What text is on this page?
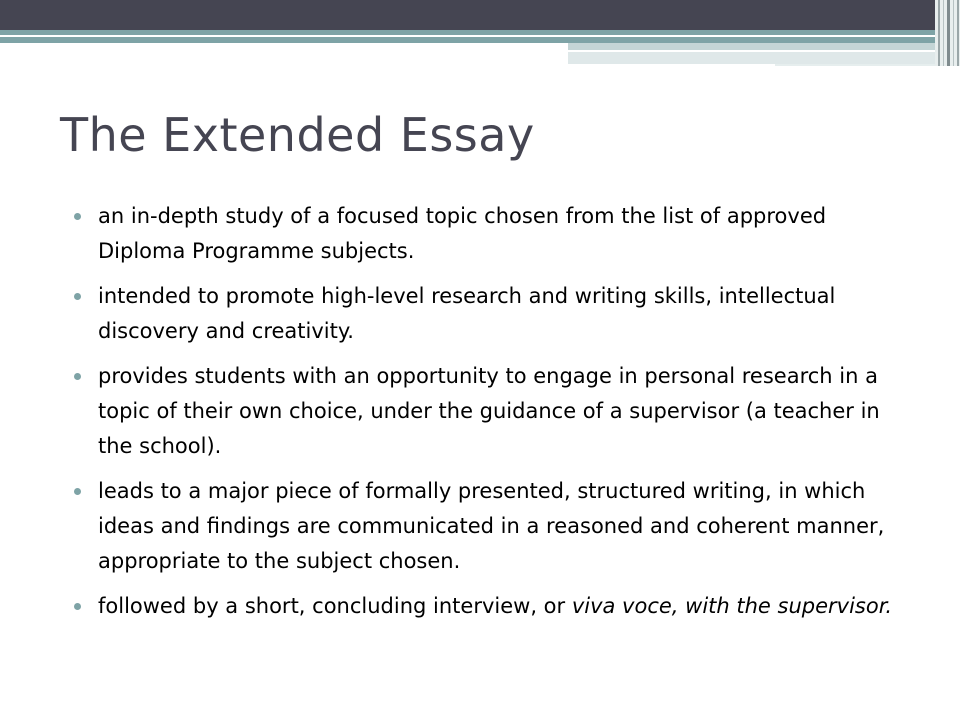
The Extended Essay
an in-depth study of a focused topic chosen from the list of approved Diploma Programme subjects.
intended to promote high-level research and writing skills, intellectual discovery and creativity.
provides students with an opportunity to engage in personal research in a topic of their own choice, under the guidance of a supervisor (a teacher in the school).
leads to a major piece of formally presented, structured writing, in which ideas and findings are communicated in a reasoned and coherent manner, appropriate to the subject chosen.
followed by a short, concluding interview, or viva voce, with the supervisor.
